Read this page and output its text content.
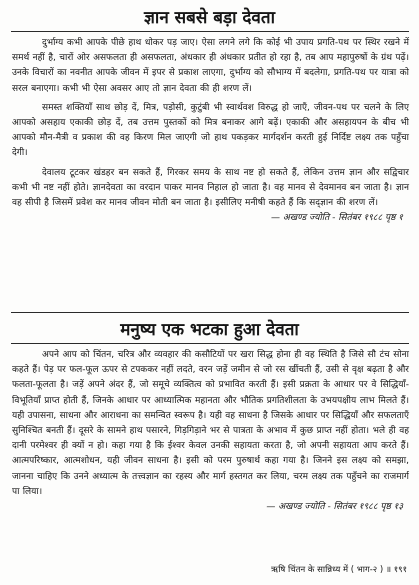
ज्ञान सबसे बड़ा देवता

दुर्भाग्य कभी आपके पीछे हाथ धोकर पड़ जाए। ऐसा लगने लगे कि कोई भी उपाय प्रगति-पथ पर स्थिर रखने में समर्थ नहीं है, चारों ओर असफलता ही असफलता, अंधकार ही अंधकार प्रतीत हो रहा है, तब आप महापुरुषों के ग्रंथ पढ़ें। उनके विचारों का नवनीत आपके जीवन में इपर से प्रकाश लाएगा, दुर्भाग्य को सौभाग्य में बदलेगा, प्रगति-पथ पर यात्रा को सरल बनाएगा। कभी भी ऐसा अवसर आए तो ज्ञान देवता की ही शरण लें।

समस्त शक्तियाँ साथ छोड़ दें, मित्र, पड़ोसी, कुटुंबी भी स्वार्थवश विरुद्ध हो जाएँ, जीवन-पथ पर चलने के लिए आपको असहाय एकाकी छोड़ दें, तब उत्तम पुस्तकों को मित्र बनाकर आगे बढ़ें। एकाकी और असहायपन के बीच भी आपको मौन-मैत्री व प्रकाश की वह किरण मिल जाएगी जो हाथ पकड़कर मार्गदर्शन करती हुई निर्दिष्ट लक्ष्य तक पहुँचा देगी।

देवालय टूटकर खंडहर बन सकते हैं, गिरकर समय के साथ नष्ट हो सकते हैं, लेकिन उत्तम ज्ञान और सद्विचार कभी भी नष्ट नहीं होते। ज्ञानदेवता का वरदान पाकर मानव निहाल हो जाता है। वह मानव से देवमानव बन जाता है। ज्ञान वह सीपी है जिसमें प्रवेश कर मानव जीवन मोती बन जाता है। इसीलिए मनीषी कहते हैं कि सद्ज्ञान की शरण लें।

— अखण्ड ज्योति - सितंबर १९८८ पृष्ठ १
मनुष्य एक भटका हुआ देवता

अपने आप को चिंतन, चरित्र और व्यवहार की कसौटियों पर खरा सिद्ध होना ही वह स्थिति है जिसे सौ टंच सोना कहते हैं। पेड़ पर फल-फूल ऊपर से टपककर नहीं लदते, वरन जड़ें जमीन से जो रस खींचती हैं, उसी से वृक्ष बढ़ता है और फलता-फूलता है। जड़ें अपने अंदर हैं, जो समूचे व्यक्तित्व को प्रभावित करती हैं। इसी प्रक्रता के आधार पर वे सिद्धियाँ-विभूतियाँ प्राप्त होती हैं, जिनके आधार पर आध्यात्मिक महानता और भौतिक प्रगतिशीलता के उभयपक्षीय लाभ मिलते हैं। यही उपासना, साधना और आराधना का समन्वित स्वरूप है। यही वह साधना है जिसके आधार पर सिद्धियाँ और सफलताएँ सुनिश्चित बनती हैं। दूसरे के सामने हाथ पसारने, गिड़गिड़ाने भर से पात्रता के अभाव में कुछ प्राप्त नहीं होता। भले ही वह दानी परमेश्वर ही क्यों न हो। कहा गया है कि ईश्वर केवल उनकी सहायता करता है, जो अपनी सहायता आप करते हैं। आत्मपरिष्कार, आत्मशोधन, यही जीवन साधना है। इसी को परम पुरुषार्थ कहा गया है। जिनने इस लक्ष्य को समझा, जानना चाहिए कि उनने अध्यात्म के तत्त्वज्ञान का रहस्य और मार्ग हस्तगत कर लिया, चरम लक्ष्य तक पहुँचने का राजमार्ग पा लिया।

— अखण्ड ज्योति - सितंबर १९८८ पृष्ठ १३
ऋषि चिंतन के सान्निध्य में ( भाग-२ ) ॥ १९१
